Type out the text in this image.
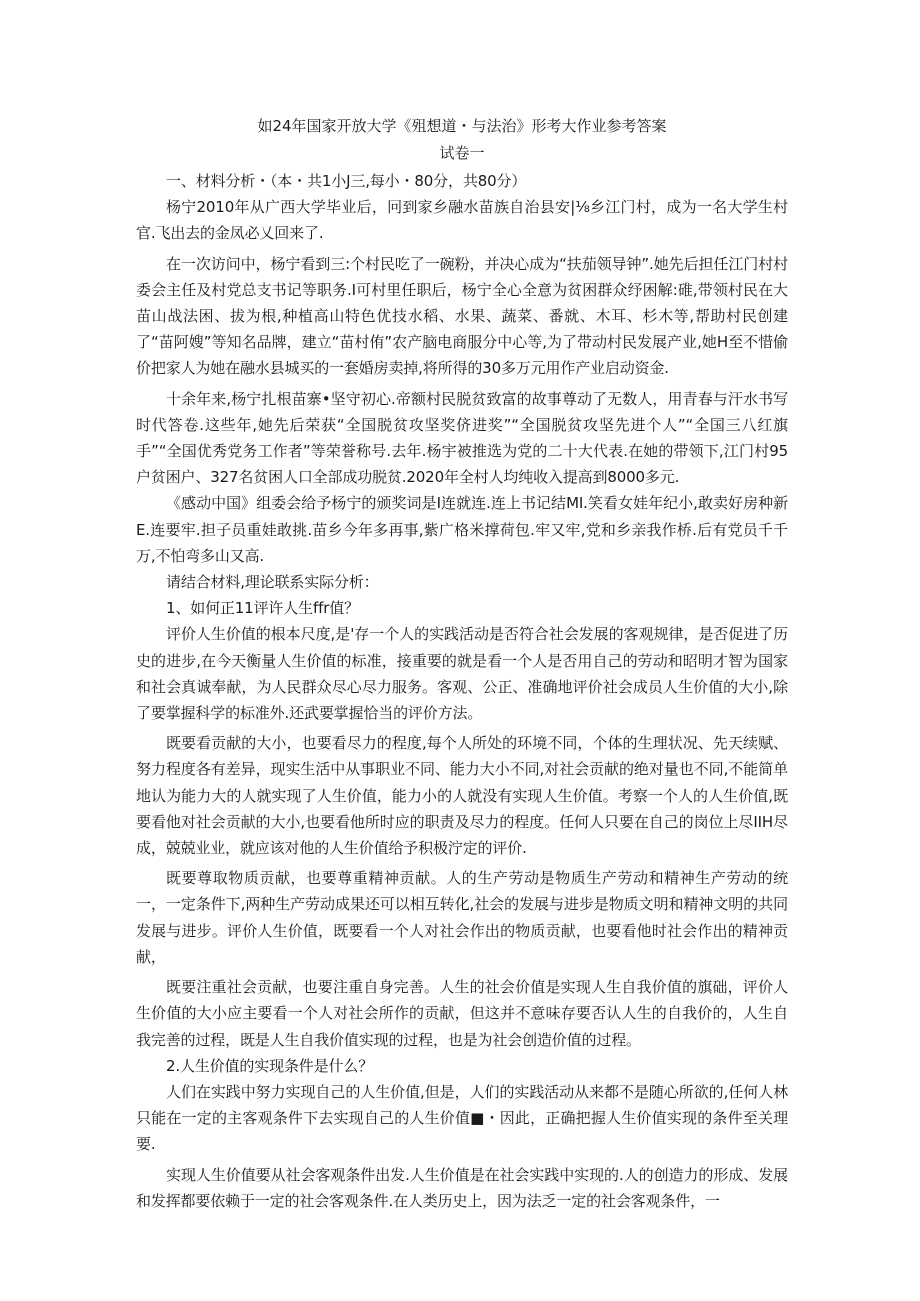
如24年国家开放大学《殂想道・与法治》形考大作业参考答案
试卷一

一、材料分析・（本・共1小J三,每小・80分，共80分）

杨宁2010年从广西大学毕业后，冋到家乡融水苗族自治县安|⅛乡江门村，成为一名大学生村官.飞出去的金凤必乂回来了.

在一次访问中，杨宁看到三:个村民吃了一碗粉，并决心成为“扶茄领导钟”.她先后担任江门村村委会主任及村党总支书记等职务.I可村里任职后，杨宁全心全意为贫困群众纾困解:碓,带领村民在大苗山战法困、拔为根,种植高山特色优技水稻、水果、蔬菜、番就、木耳、杉木等,帮助村民创建了“苗阿嫂”等知名品牌，建立“苗村侑”农产脑电商服分中心等,为了带动村民发展产业,她H至不惜偷价把家人为她在融水县城买的一套婚房卖掉,将所得的30多万元用作产业启动资金.

十余年来,杨宁扎根苗寨•坚守初心.帝额村民脱贫致富的故事尊动了无数人，用青春与汗水书写时代答卷.这些年,她先后荣获“全国脱贫攻坚奖侪进奖”“全国脱贫攻坚先进个人”“全国三八红旗手”“全国优秀党务工作者”等荣誉称号.去年.杨宇被推选为党的二十大代表.在她的带领下,江门村95户贫困户、327名贫困人口全部成功脱贫.2020年全村人均纯收入提高到8000多元.

《感动中国》组委会给予杨宁的颁奖词是I连就连.连上书记结MI.笑看女娃年纪小,敢卖好房种新E.连要牢.担子员重娃敢挑.苗乡今年多再事,紫广格米撑荷包.牢又牢,党和乡亲我作桥.后有党员千千万,不怕弯多山又高.

请结合材料,理论联系实际分析：

1、如何正11评许人生ffr值？

评价人生价值的根本尺度,是'存一个人的实践活动是否符合社会发展的客观规律，是否促进了历史的进步,在今天衡量人生价值的标准，接重要的就是看一个人是否用自己的劳动和昭明才智为国家和社会真诚奉献，为人民群众尽心尽力服务。客观、公正、准确地评价社会成员人生价值的大小,除了要掌握科学的标准外.还武要掌握恰当的评价方法。

既要看贡献的大小，也要看尽力的程度,每个人所处的环境不同，个体的生理状况、先天续赋、努力程度各有差异，现实生活中从事职业不同、能力大小不同,对社会贡献的绝对量也不同,不能简单地认为能力大的人就实现了人生价值，能力小的人就没有实现人生价值。考察一个人的人生价值,既要看他对社会贡献的大小,也要看他所时应的职责及尽力的程度。任何人只要在自己的岗位上尽IIH尽成，兢兢业业，就应该对他的人生价值给予积极泞定的评价.

既要尊取物质贡献，也要尊重精神贡献。人的生产劳动是物质生产劳动和精神生产劳动的统一，一定条件下,两种生产劳动成果还可以相互转化,社会的发展与进步是物质文明和精神文明的共同发展与进步。评价人生价值，既要看一个人对社会作出的物质贡献，也要看他时社会作出的精神贡献，

既要注重社会贡献，也要注重自身完善。人生的社会价值是实现人生自我价值的旗础，评价人生价值的大小应主要看一个人对社会所作的贡献，但这并不意味存要否认人生的自我价的，人生自我完善的过程，既是人生自我价值实现的过程，也是为社会创造价值的过程。

2.人生价值的实现条件是什么？

人们在实践中努力实现自己的人生价值,但是，人们的实践活动从来都不是随心所欲的,任何人林只能在一定的主客观条件下去实现自己的人生价值■・因此，正确把握人生价值实现的条件至关理要.

实现人生价值要从社会客观条件出发.人生价值是在社会实践中实现的.人的创造力的形成、发展和发挥都要依赖于一定的社会客观条件.在人类历史上，因为法乏一定的社会客观条件，一
